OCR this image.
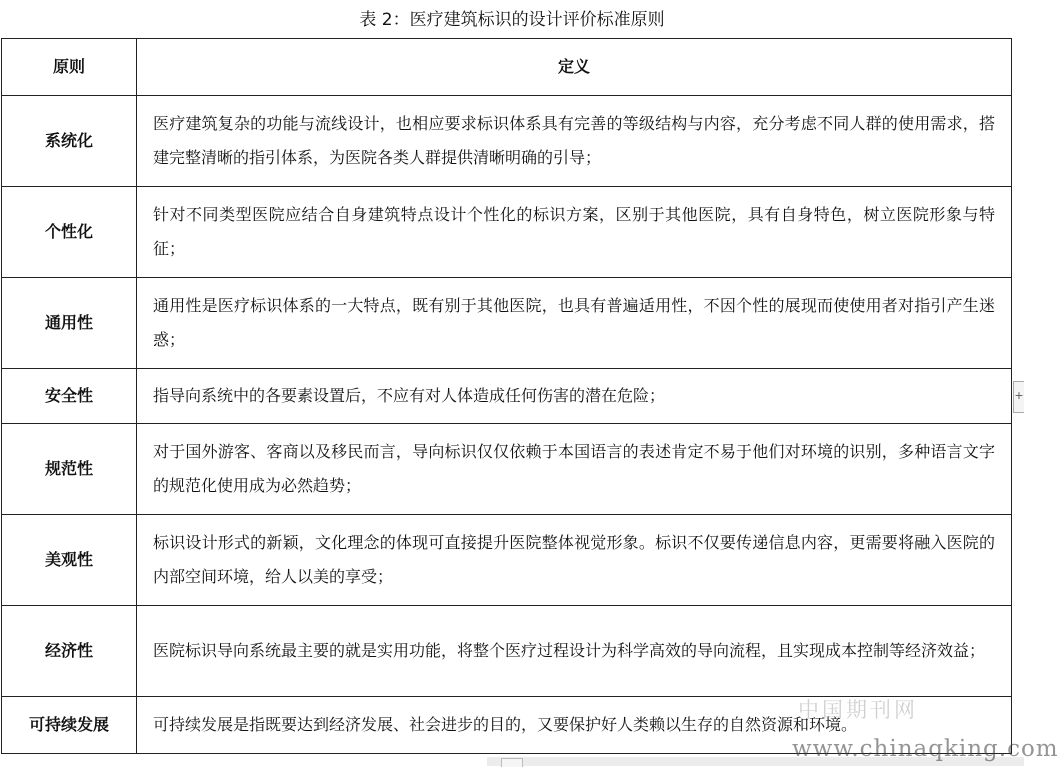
表 2：医疗建筑标识的设计评价标准原则
原则	定义
系统化	医疗建筑复杂的功能与流线设计，也相应要求标识体系具有完善的等级结构与内容，充分考虑不同人群的使用需求，搭建完整清晰的指引体系，为医院各类人群提供清晰明确的引导；
个性化	针对不同类型医院应结合自身建筑特点设计个性化的标识方案，区别于其他医院，具有自身特色，树立医院形象与特征；
通用性	通用性是医疗标识体系的一大特点，既有别于其他医院，也具有普遍适用性，不因个性的展现而使使用者对指引产生迷惑；
安全性	指导向系统中的各要素设置后，不应有对人体造成任何伤害的潜在危险；
规范性	对于国外游客、客商以及移民而言，导向标识仅仅依赖于本国语言的表述肯定不易于他们对环境的识别，多种语言文字的规范化使用成为必然趋势；
美观性	标识设计形式的新颖，文化理念的体现可直接提升医院整体视觉形象。标识不仅要传递信息内容，更需要将融入医院的内部空间环境，给人以美的享受；
经济性	医院标识导向系统最主要的就是实用功能，将整个医疗过程设计为科学高效的导向流程，且实现成本控制等经济效益；
可持续发展	可持续发展是指既要达到经济发展、社会进步的目的，又要保护好人类赖以生存的自然资源和环境。
+
中国期刊网
www.chinaqking.com
